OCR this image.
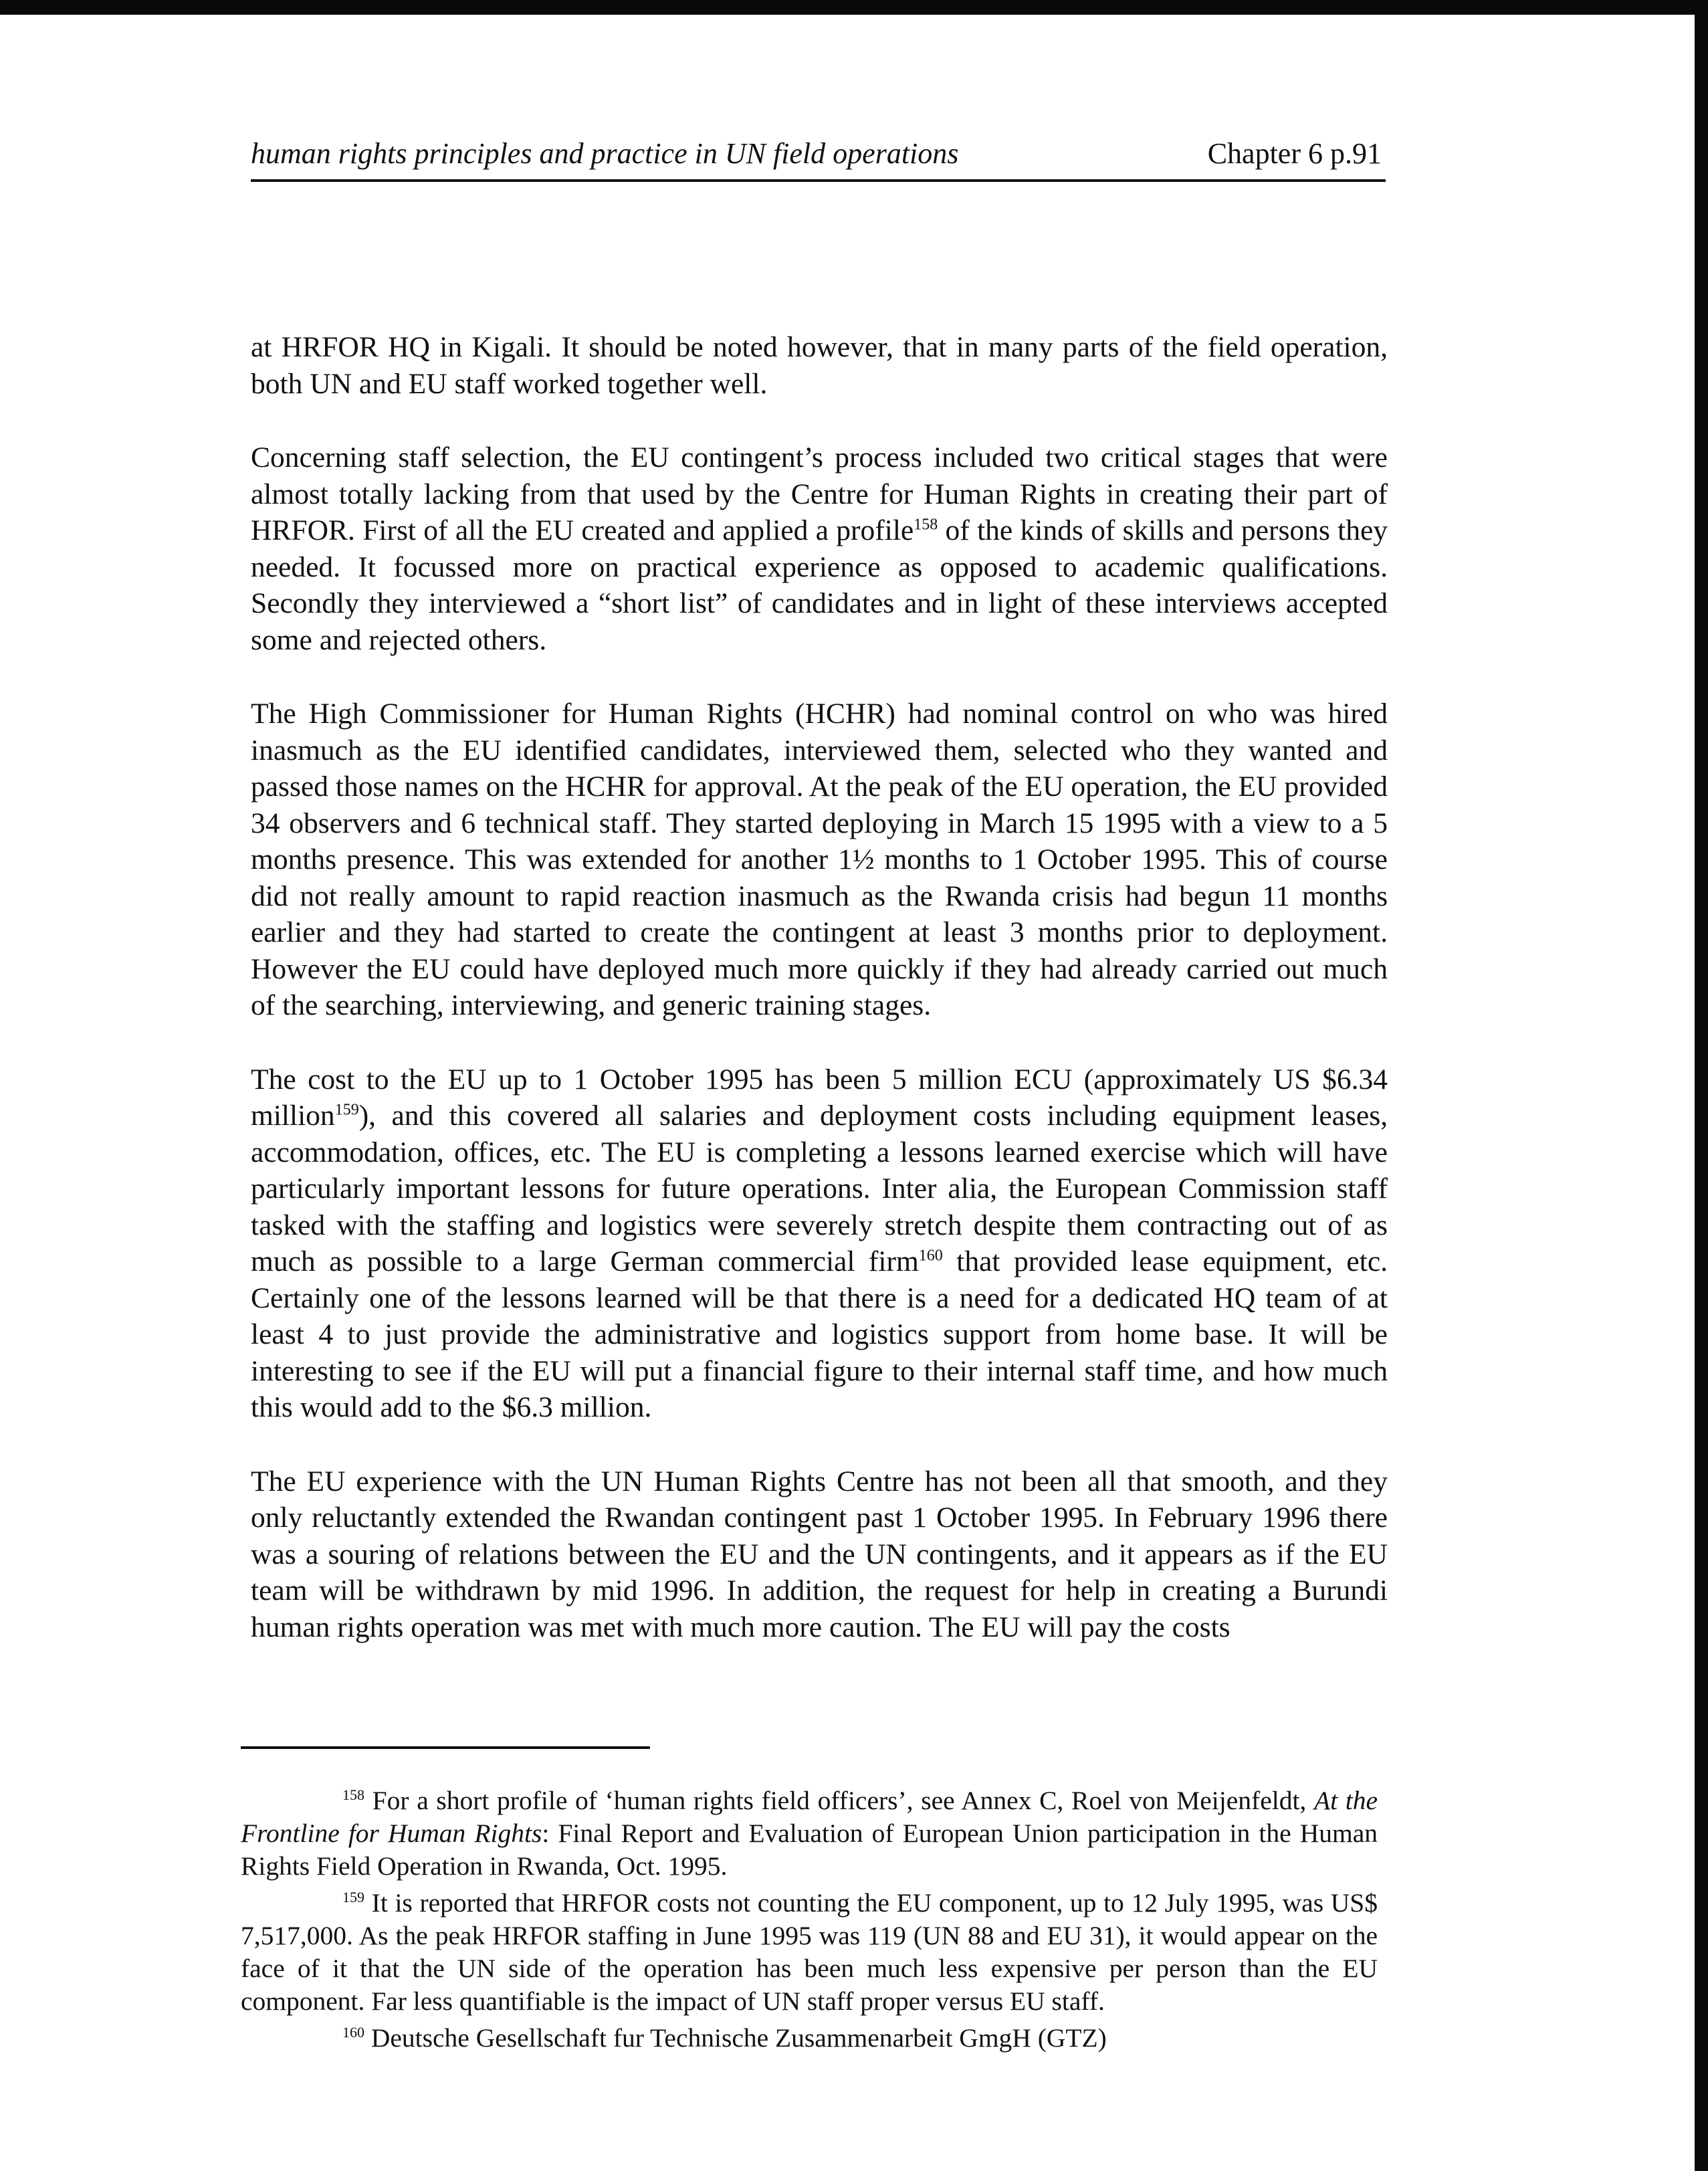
human rights principles and practice in UN field operations	Chapter 6 p.91

at HRFOR HQ in Kigali. It should be noted however, that in many parts of the field operation, both UN and EU staff worked together well.

Concerning staff selection, the EU contingent’s process included two critical stages that were almost totally lacking from that used by the Centre for Human Rights in creating their part of HRFOR. First of all the EU created and applied a profile$^{158}$ of the kinds of skills and persons they needed. It focussed more on practical experience as opposed to academic qualifications. Secondly they interviewed a “short list” of candidates and in light of these interviews accepted some and rejected others.

The High Commissioner for Human Rights (HCHR) had nominal control on who was hired inasmuch as the EU identified candidates, interviewed them, selected who they wanted and passed those names on the HCHR for approval. At the peak of the EU operation, the EU provided 34 observers and 6 technical staff. They started deploying in March 15 1995 with a view to a 5 months presence. This was extended for another 1½ months to 1 October 1995. This of course did not really amount to rapid reaction inasmuch as the Rwanda crisis had begun 11 months earlier and they had started to create the contingent at least 3 months prior to deployment. However the EU could have deployed much more quickly if they had already carried out much of the searching, interviewing, and generic training stages.

The cost to the EU up to 1 October 1995 has been 5 million ECU (approximately US $6.34 million$^{159}$), and this covered all salaries and deployment costs including equipment leases, accommodation, offices, etc. The EU is completing a lessons learned exercise which will have particularly important lessons for future operations. Inter alia, the European Commission staff tasked with the staffing and logistics were severely stretch despite them contracting out of as much as possible to a large German commercial firm$^{160}$ that provided lease equipment, etc. Certainly one of the lessons learned will be that there is a need for a dedicated HQ team of at least 4 to just provide the administrative and logistics support from home base. It will be interesting to see if the EU will put a financial figure to their internal staff time, and how much this would add to the $6.3 million.

The EU experience with the UN Human Rights Centre has not been all that smooth, and they only reluctantly extended the Rwandan contingent past 1 October 1995. In February 1996 there was a souring of relations between the EU and the UN contingents, and it appears as if the EU team will be withdrawn by mid 1996. In addition, the request for help in creating a Burundi human rights operation was met with much more caution. The EU will pay the costs

$^{158}$ For a short profile of ‘human rights field officers’, see Annex C, Roel von Meijenfeldt, At the Frontline for Human Rights: Final Report and Evaluation of European Union participation in the Human Rights Field Operation in Rwanda, Oct. 1995.

$^{159}$ It is reported that HRFOR costs not counting the EU component, up to 12 July 1995, was US$ 7,517,000. As the peak HRFOR staffing in June 1995 was 119 (UN 88 and EU 31), it would appear on the face of it that the UN side of the operation has been much less expensive per person than the EU component. Far less quantifiable is the impact of UN staff proper versus EU staff.

$^{160}$ Deutsche Gesellschaft fur Technische Zusammenarbeit GmgH (GTZ)
